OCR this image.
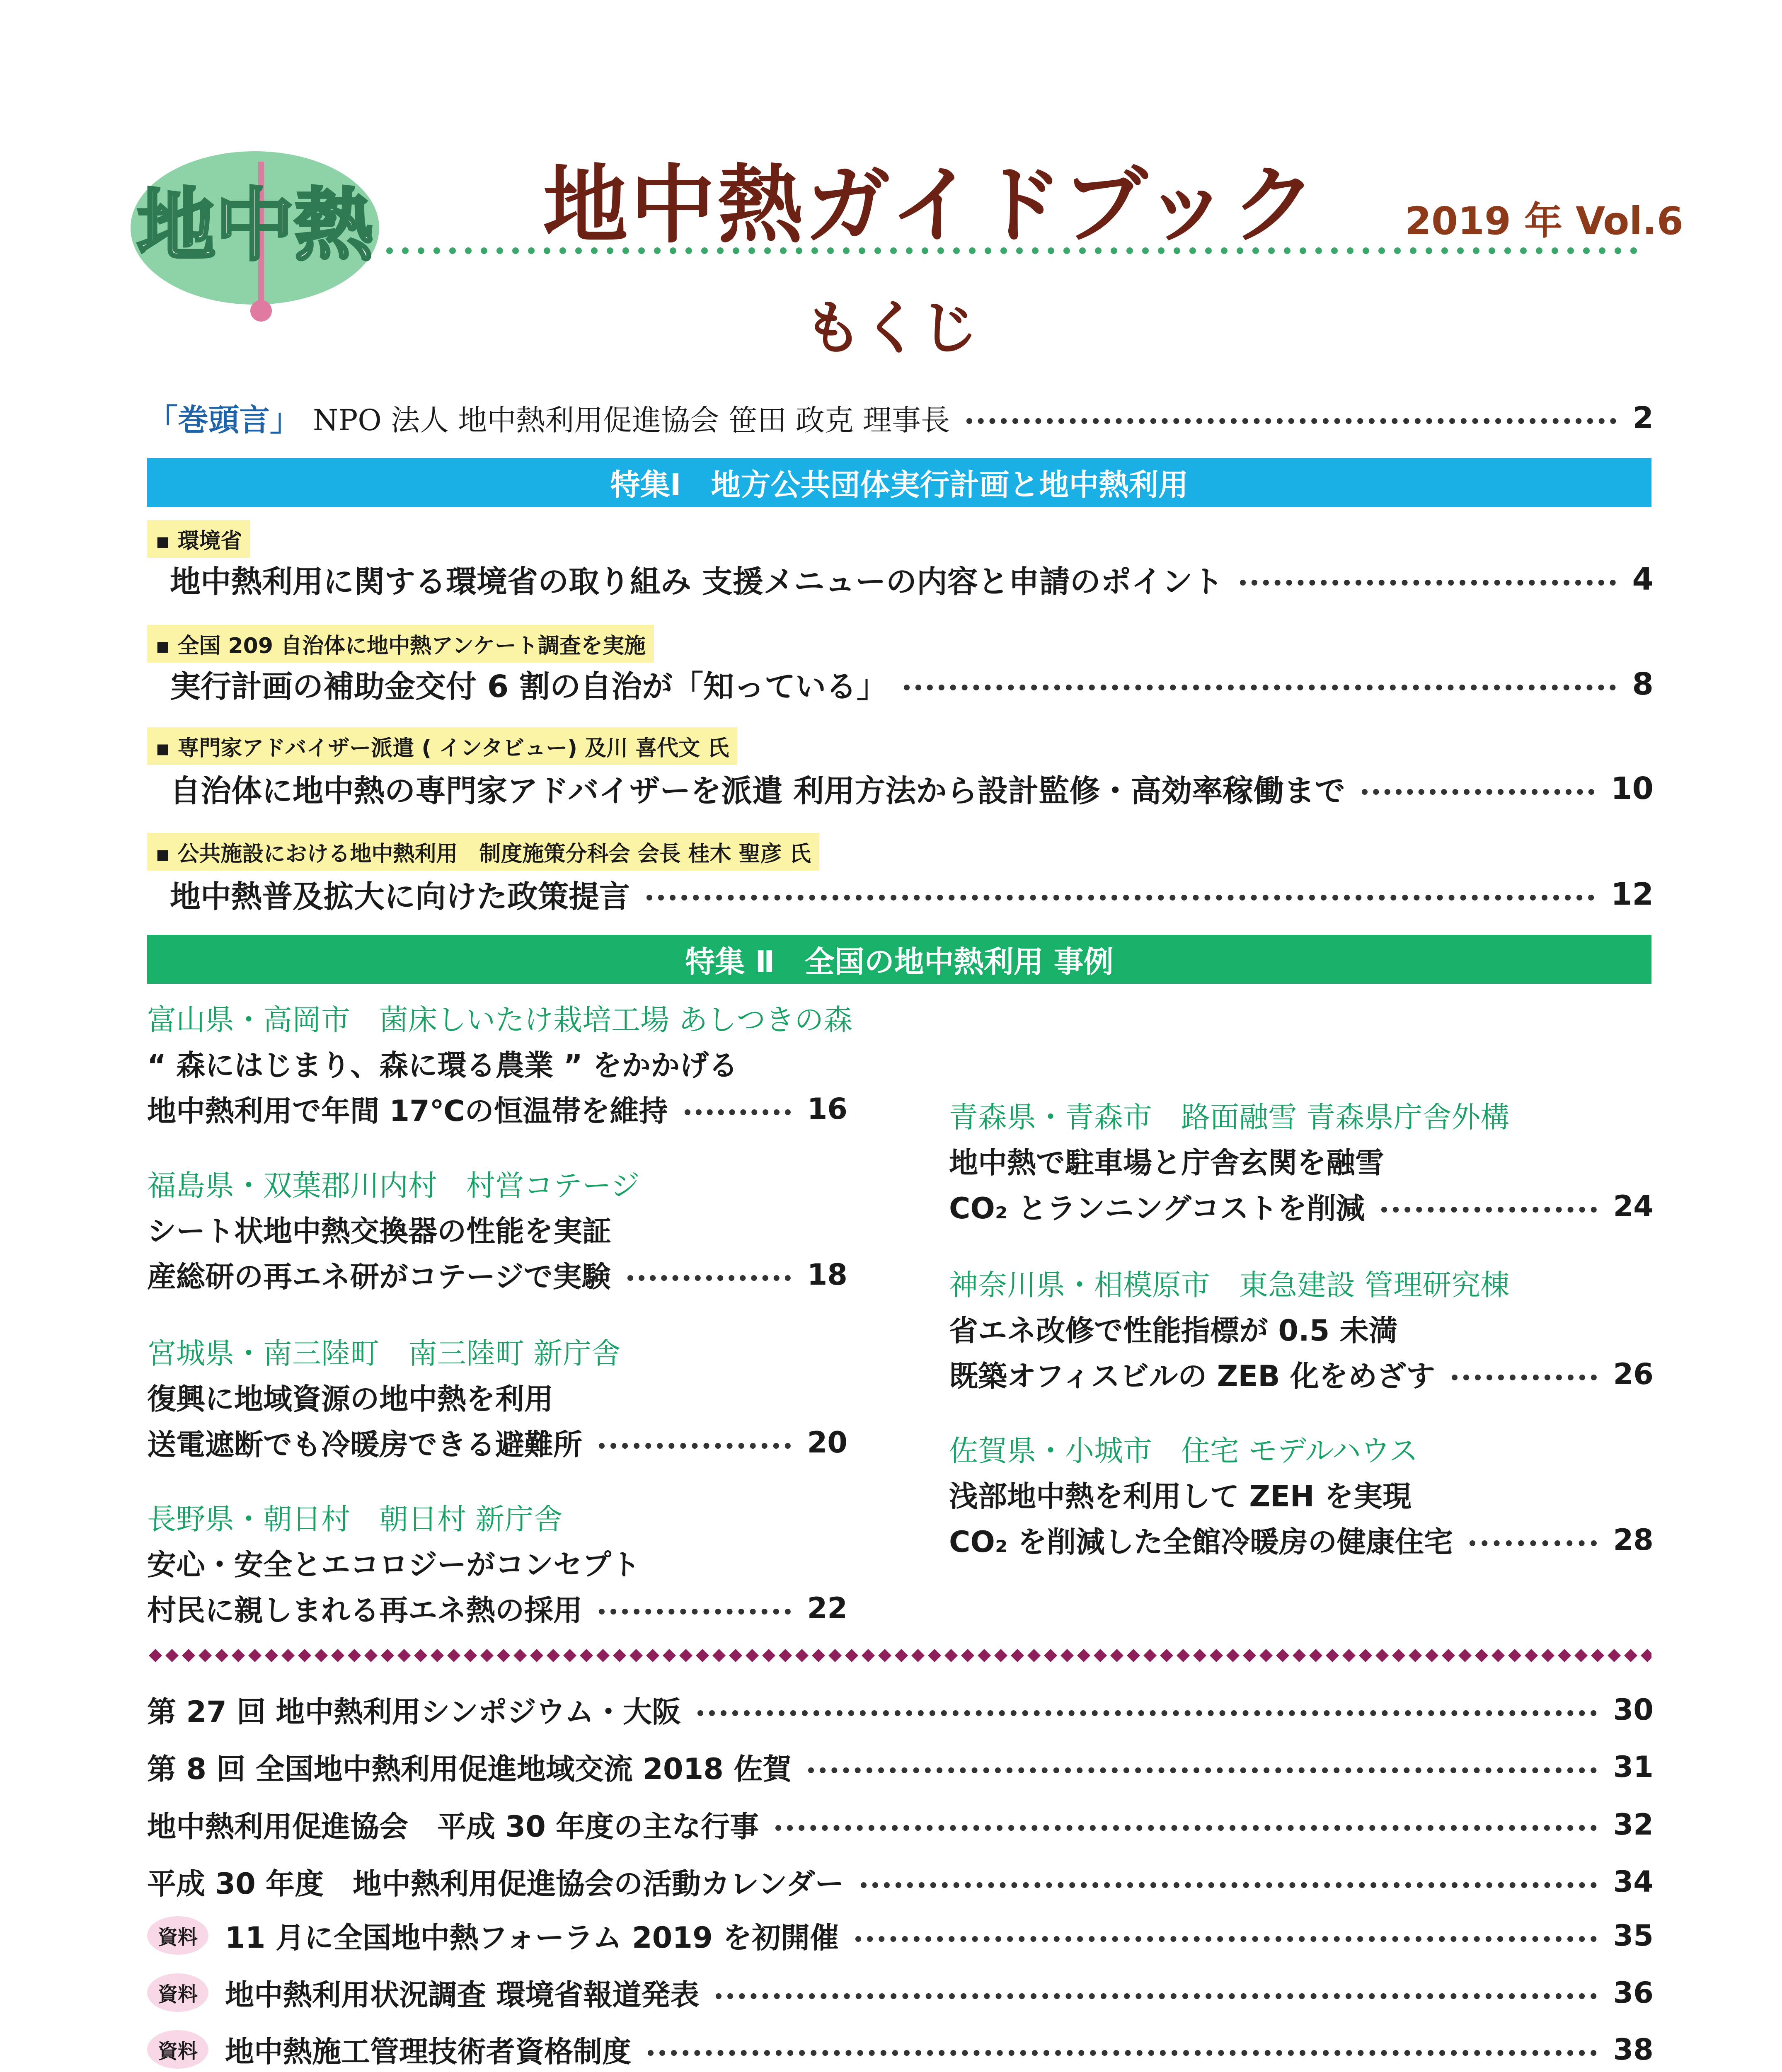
地中熱 地中熱ガイドブック 2019 年 Vol.6
もくじ
「巻頭言」 NPO 法人 地中熱利用促進協会 笹田 政克 理事長	2
特集Ⅰ　地方公共団体実行計画と地中熱利用
▪ 環境省
地中熱利用に関する環境省の取り組み 支援メニューの内容と申請のポイント	4
▪ 全国 209 自治体に地中熱アンケート調査を実施
実行計画の補助金交付 6 割の自治が「知っている」	8
▪ 専門家アドバイザー派遣 ( インタビュー) 及川 喜代文 氏
自治体に地中熱の専門家アドバイザーを派遣 利用方法から設計監修・高効率稼働まで	10
▪ 公共施設における地中熱利用　制度施策分科会 会長 桂木 聖彦 氏
地中熱普及拡大に向けた政策提言	12
特集 Ⅱ　全国の地中熱利用 事例
富山県・高岡市　菌床しいたけ栽培工場 あしつきの森
“ 森にはじまり、森に環る農業 ” をかかげる
地中熱利用で年間 17℃の恒温帯を維持	16
福島県・双葉郡川内村　村営コテージ
シート状地中熱交換器の性能を実証
産総研の再エネ研がコテージで実験	18
宮城県・南三陸町　南三陸町 新庁舎
復興に地域資源の地中熱を利用
送電遮断でも冷暖房できる避難所	20
長野県・朝日村　朝日村 新庁舎
安心・安全とエコロジーがコンセプト
村民に親しまれる再エネ熱の採用	22
青森県・青森市　路面融雪 青森県庁舎外構
地中熱で駐車場と庁舎玄関を融雪
CO₂ とランニングコストを削減	24
神奈川県・相模原市　東急建設 管理研究棟
省エネ改修で性能指標が 0.5 未満
既築オフィスビルの ZEB 化をめざす	26
佐賀県・小城市　住宅 モデルハウス
浅部地中熱を利用して ZEH を実現
CO₂ を削減した全館冷暖房の健康住宅	28
第 27 回 地中熱利用シンポジウム・大阪	30
第 8 回 全国地中熱利用促進地域交流 2018 佐賀	31
地中熱利用促進協会　平成 30 年度の主な行事	32
平成 30 年度　地中熱利用促進協会の活動カレンダー	34
資料 11 月に全国地中熱フォーラム 2019 を初開催	35
資料 地中熱利用状況調査 環境省報道発表	36
資料 地中熱施工管理技術者資格制度	38
